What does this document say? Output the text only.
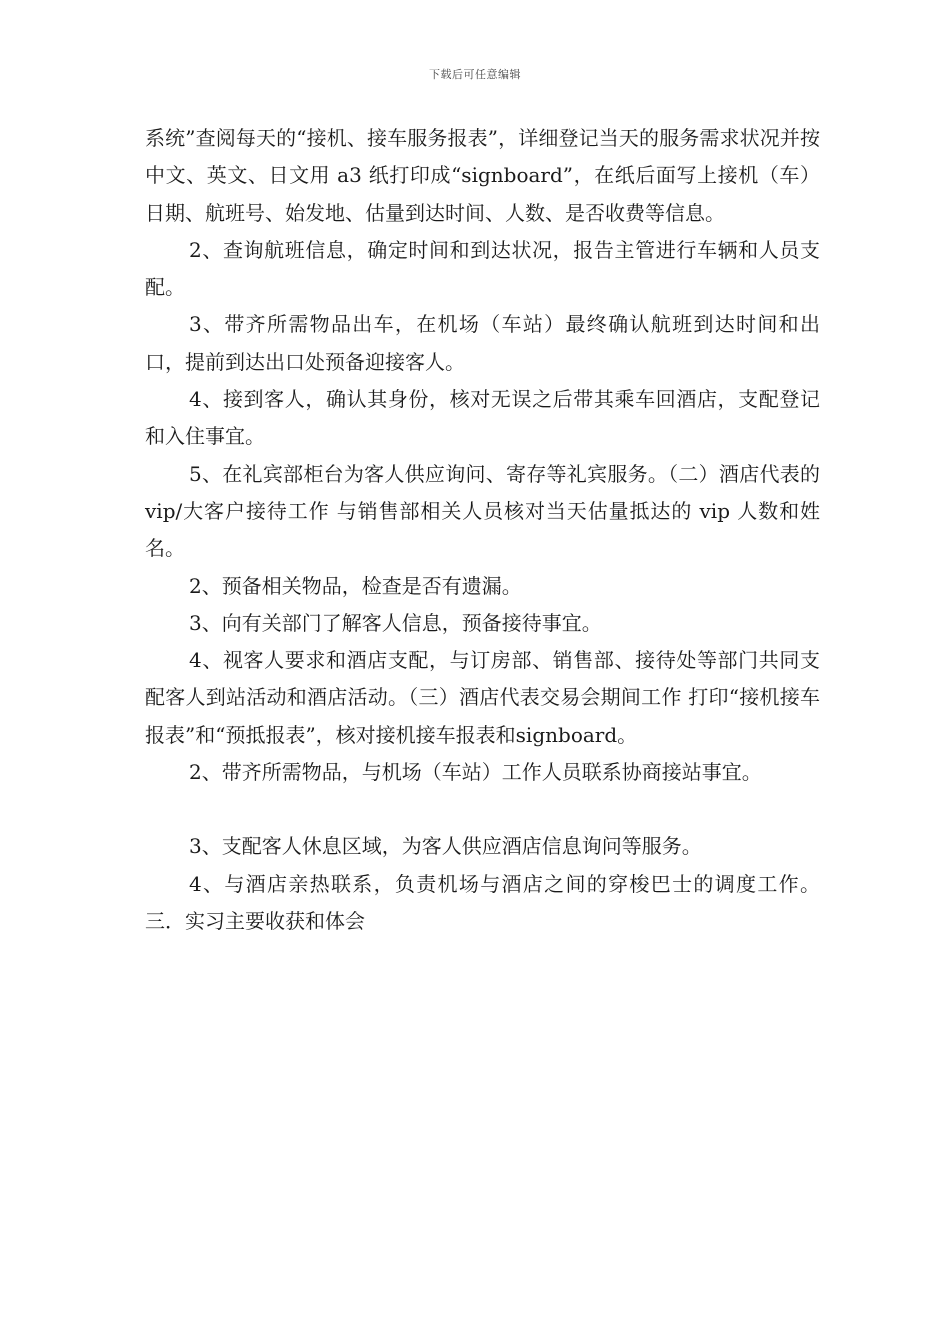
下载后可任意编辑

系统”查阅每天的“接机、接车服务报表”，详细登记当天的服务需求状况并按中文、英文、日文用 a3 纸打印成“signboard”，在纸后面写上接机（车）日期、航班号、始发地、估量到达时间、人数、是否收费等信息。

2、查询航班信息，确定时间和到达状况，报告主管进行车辆和人员支配。

3、带齐所需物品出车，在机场（车站）最终确认航班到达时间和出口，提前到达出口处预备迎接客人。

4、接到客人，确认其身份，核对无误之后带其乘车回酒店，支配登记和入住事宜。

5、在礼宾部柜台为客人供应询问、寄存等礼宾服务。（二）酒店代表的 vip/大客户接待工作 与销售部相关人员核对当天估量抵达的 vip 人数和姓名。

2、预备相关物品，检查是否有遗漏。

3、向有关部门了解客人信息，预备接待事宜。

4、视客人要求和酒店支配，与订房部、销售部、接待处等部门共同支配客人到站活动和酒店活动。（三）酒店代表交易会期间工作 打印“接机接车报表”和“预抵报表”，核对接机接车报表和signboard。

2、带齐所需物品，与机场（车站）工作人员联系协商接站事宜。

3、支配客人休息区域，为客人供应酒店信息询问等服务。

4、与酒店亲热联系，负责机场与酒店之间的穿梭巴士的调度工作。 三．实习主要收获和体会
